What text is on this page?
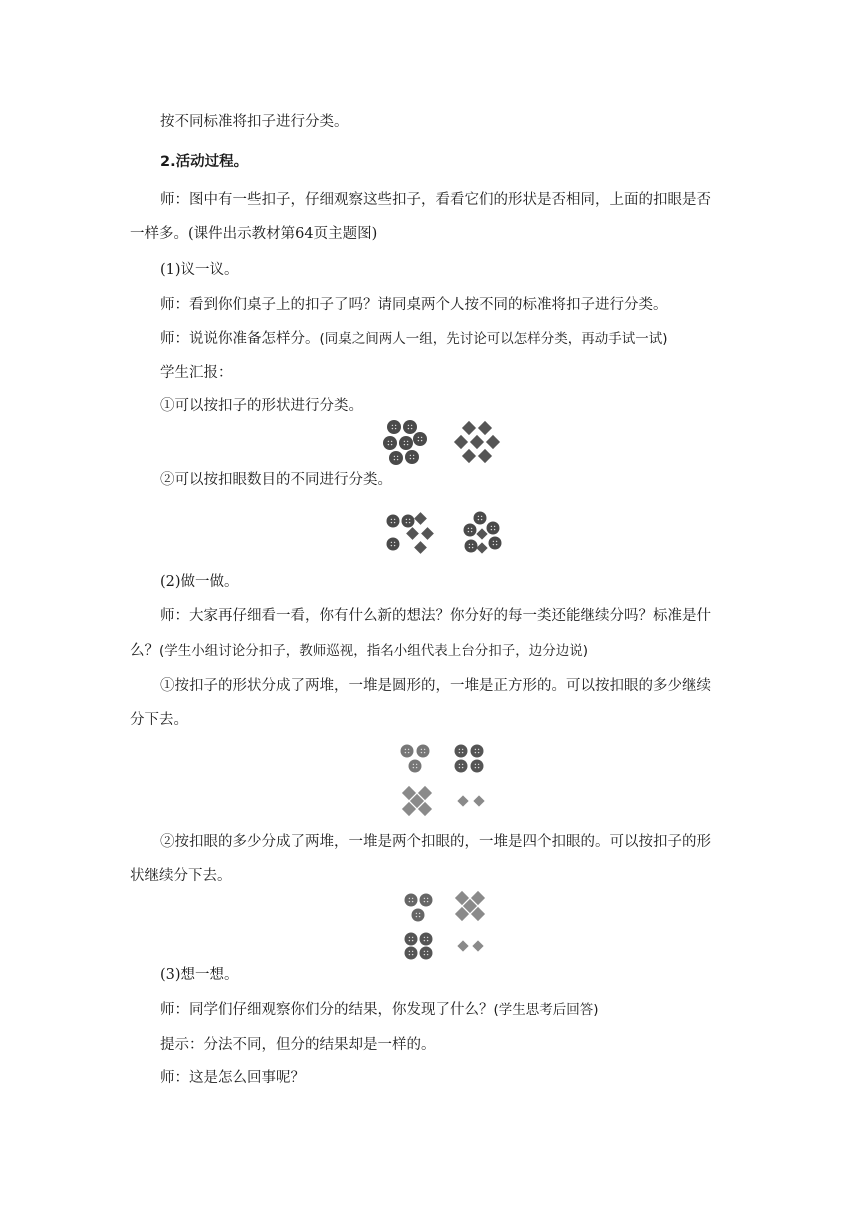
按不同标准将扣子进行分类。
2.活动过程。
师：图中有一些扣子，仔细观察这些扣子，看看它们的形状是否相同，上面的扣眼是否
一样多。(课件出示教材第64页主题图)
(1)议一议。
师：看到你们桌子上的扣子了吗？请同桌两个人按不同的标准将扣子进行分类。
师：说说你准备怎样分。(同桌之间两人一组，先讨论可以怎样分类，再动手试一试)
学生汇报：
①可以按扣子的形状进行分类。
②可以按扣眼数目的不同进行分类。
(2)做一做。
师：大家再仔细看一看，你有什么新的想法？你分好的每一类还能继续分吗？标准是什
么？(学生小组讨论分扣子，教师巡视，指名小组代表上台分扣子，边分边说)
①按扣子的形状分成了两堆，一堆是圆形的，一堆是正方形的。可以按扣眼的多少继续
分下去。
②按扣眼的多少分成了两堆，一堆是两个扣眼的，一堆是四个扣眼的。可以按扣子的形
状继续分下去。
(3)想一想。
师：同学们仔细观察你们分的结果，你发现了什么？(学生思考后回答)
提示：分法不同，但分的结果却是一样的。
师：这是怎么回事呢？
